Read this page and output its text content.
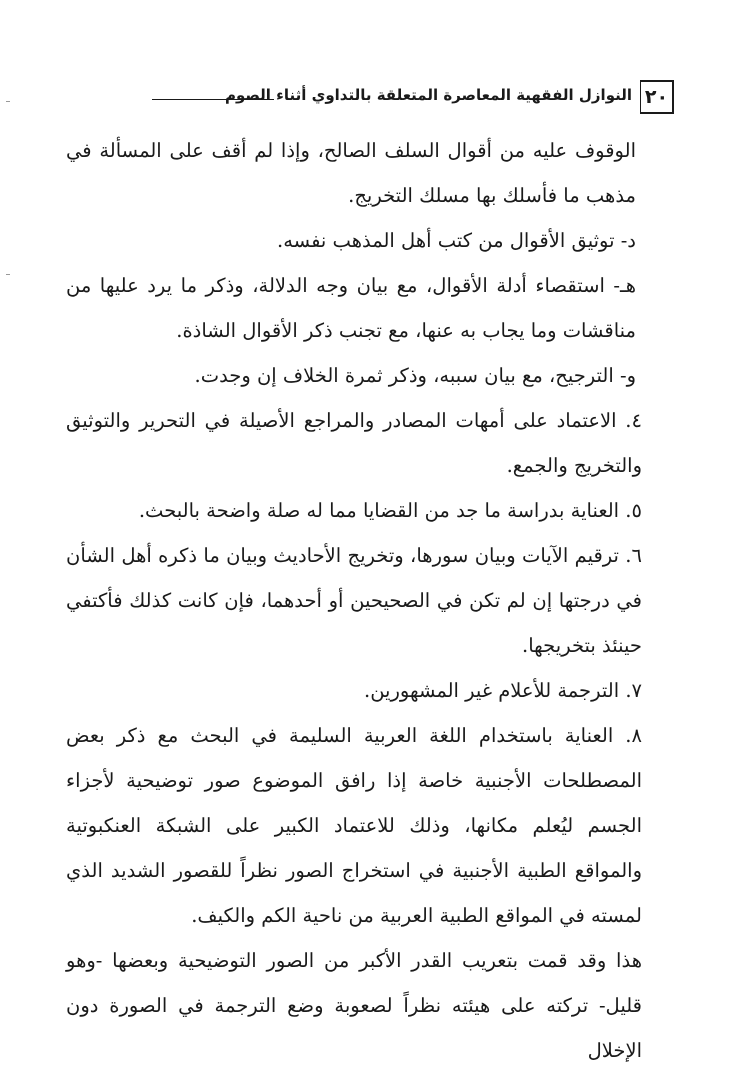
٢٠
النوازل الفقهية المعاصرة المتعلقة بالتداوي أثناء الصوم

الوقوف عليه من أقوال السلف الصالح، وإذا لم أقف على المسألة في مذهب ما فأسلك بها مسلك التخريج.

د- توثيق الأقوال من كتب أهل المذهب نفسه.

هـ- استقصاء أدلة الأقوال، مع بيان وجه الدلالة، وذكر ما يرد عليها من مناقشات وما يجاب به عنها، مع تجنب ذكر الأقوال الشاذة.

و- الترجيح، مع بيان سببه، وذكر ثمرة الخلاف إن وجدت.

٤. الاعتماد على أمهات المصادر والمراجع الأصيلة في التحرير والتوثيق والتخريج والجمع.

٥. العناية بدراسة ما جد من القضايا مما له صلة واضحة بالبحث.

٦. ترقيم الآيات وبيان سورها، وتخريج الأحاديث وبيان ما ذكره أهل الشأن في درجتها إن لم تكن في الصحيحين أو أحدهما، فإن كانت كذلك فأكتفي حينئذ بتخريجها.

٧. الترجمة للأعلام غير المشهورين.

٨. العناية باستخدام اللغة العربية السليمة في البحث مع ذكر بعض المصطلحات الأجنبية خاصة إذا رافق الموضوع صور توضيحية لأجزاء الجسم ليُعلم مكانها، وذلك للاعتماد الكبير على الشبكة العنكبوتية والمواقع الطبية الأجنبية في استخراج الصور نظراً للقصور الشديد الذي لمسته في المواقع الطبية العربية من ناحية الكم والكيف.

هذا وقد قمت بتعريب القدر الأكبر من الصور التوضيحية وبعضها -وهو قليل- تركته على هيئته نظراً لصعوبة وضع الترجمة في الصورة دون الإخلال
